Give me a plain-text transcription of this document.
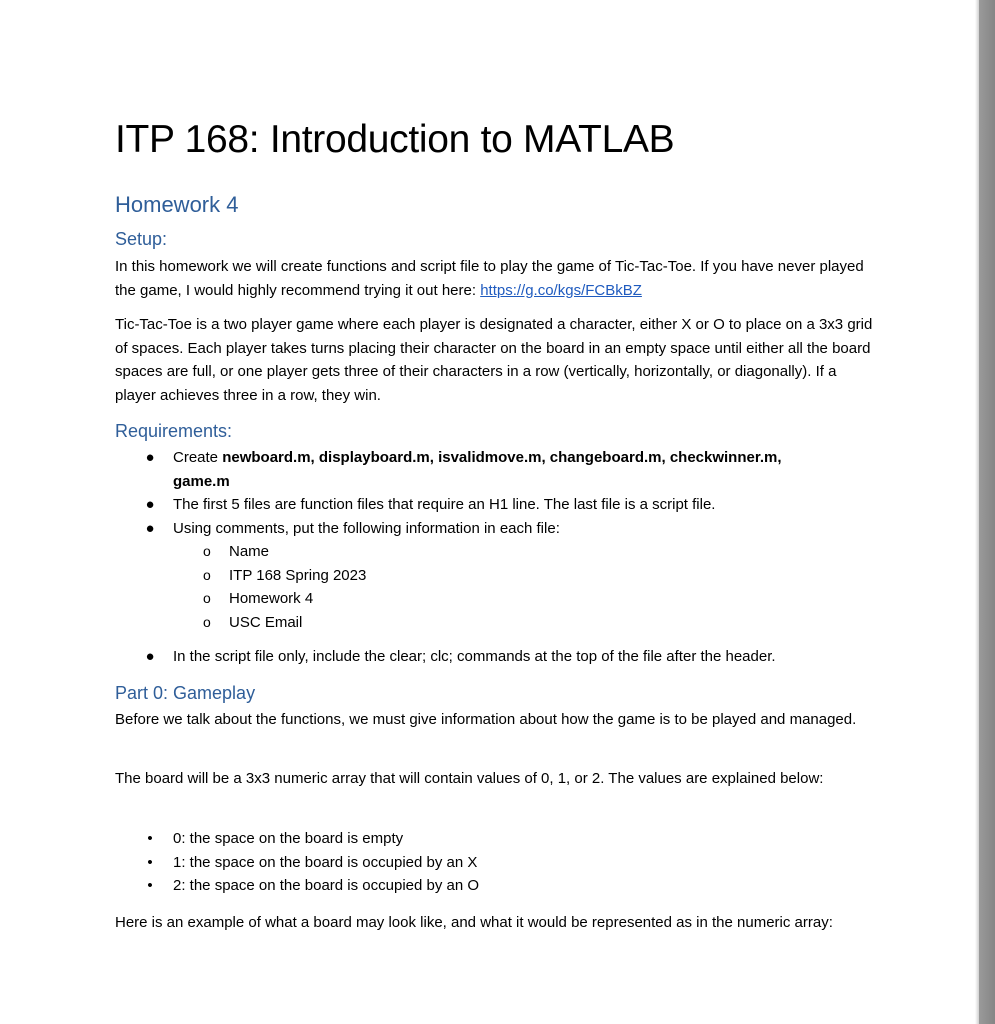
ITP 168: Introduction to MATLAB
Homework 4
Setup:

In this homework we will create functions and script file to play the game of Tic-Tac-Toe. If you have never played the game, I would highly recommend trying it out here: https://g.co/kgs/FCBkBZ

Tic-Tac-Toe is a two player game where each player is designated a character, either X or O to place on a 3x3 grid of spaces. Each player takes turns placing their character on the board in an empty space until either all the board spaces are full, or one player gets three of their characters in a row (vertically, horizontally, or diagonally). If a player achieves three in a row, they win.

Requirements:
● Create newboard.m, displayboard.m, isvalidmove.m, changeboard.m, checkwinner.m, game.m
● The first 5 files are function files that require an H1 line. The last file is a script file.
● Using comments, put the following information in each file:
o Name
o ITP 168 Spring 2023
o Homework 4
o USC Email
● In the script file only, include the clear; clc; commands at the top of the file after the header.
Part 0: Gameplay

Before we talk about the functions, we must give information about how the game is to be played and managed.

The board will be a 3x3 numeric array that will contain values of 0, 1, or 2. The values are explained below:

• 0: the space on the board is empty
• 1: the space on the board is occupied by an X
• 2: the space on the board is occupied by an O

Here is an example of what a board may look like, and what it would be represented as in the numeric array:
